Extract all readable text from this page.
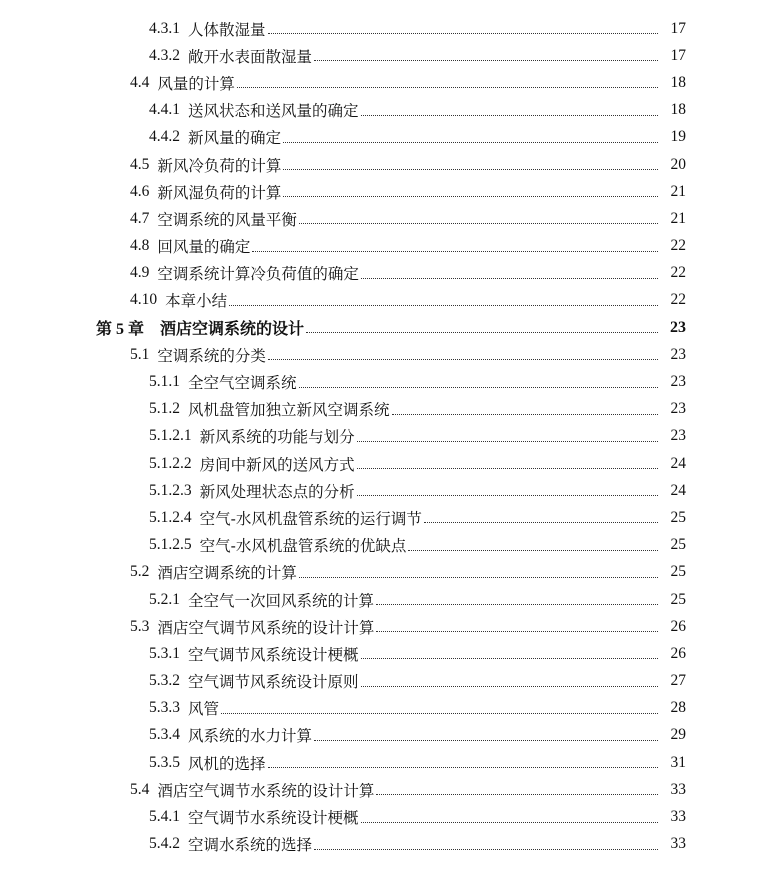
4.3.1 人体散湿量	17
4.3.2 敞开水表面散湿量	17
4.4 风量的计算	18
4.4.1 送风状态和送风量的确定	18
4.4.2 新风量的确定	19
4.5 新风冷负荷的计算	20
4.6 新风湿负荷的计算	21
4.7 空调系统的风量平衡	21
4.8 回风量的确定	22
4.9 空调系统计算冷负荷值的确定	22
4.10 本章小结	22
第 5 章 酒店空调系统的设计	23
5.1 空调系统的分类	23
5.1.1 全空气空调系统	23
5.1.2 风机盘管加独立新风空调系统	23
5.1.2.1 新风系统的功能与划分	23
5.1.2.2 房间中新风的送风方式	24
5.1.2.3 新风处理状态点的分析	24
5.1.2.4 空气-水风机盘管系统的运行调节	25
5.1.2.5 空气-水风机盘管系统的优缺点	25
5.2 酒店空调系统的计算	25
5.2.1 全空气一次回风系统的计算	25
5.3 酒店空气调节风系统的设计计算	26
5.3.1 空气调节风系统设计梗概	26
5.3.2 空气调节风系统设计原则	27
5.3.3 风管	28
5.3.4 风系统的水力计算	29
5.3.5 风机的选择	31
5.4 酒店空气调节水系统的设计计算	33
5.4.1 空气调节水系统设计梗概	33
5.4.2 空调水系统的选择	33
